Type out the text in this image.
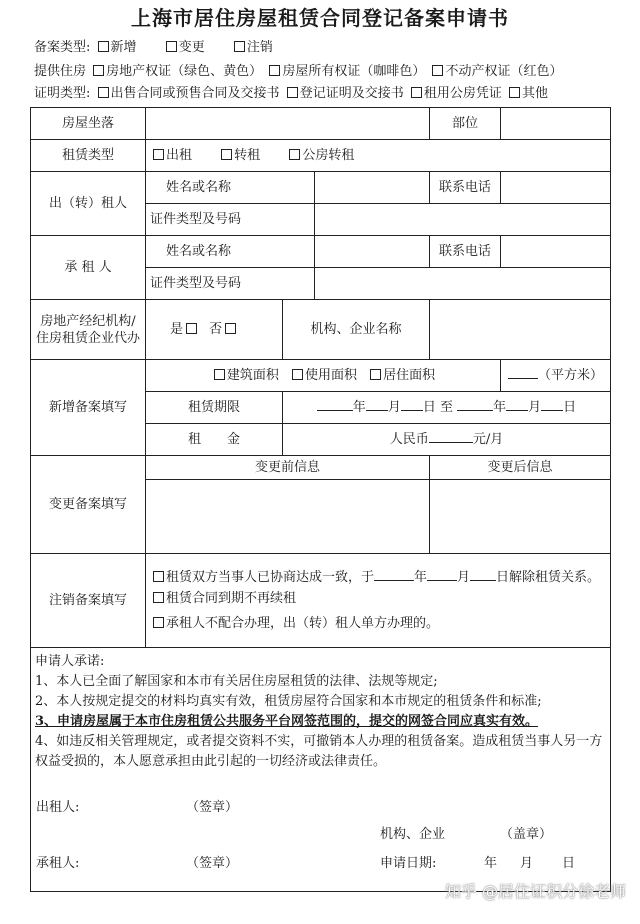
上海市居住房屋租赁合同登记备案申请书
备案类型: 新增	变更	注销
提供住房 房地产权证（绿色、黄色） 房屋所有权证（咖啡色） 不动产权证（红色）
证明类型: 出售合同或预售合同及交接书 登记证明及交接书 租用公房凭证 其他
房屋坐落				部位	
租赁类型	出租 转租 公房转租				
出（转）租人	姓名或名称			联系电话	
	证件类型及号码				
承 租 人	姓名或名称			联系电话	
	证件类型及号码				
房地产经纪机构/住房租赁企业代办	是 否	机构、企业名称			
新增备案填写	建筑面积 使用面积 居住面积				（平方米）
	租赁期限	年 月 日 至 年 月 日			
	租　　金	人民币 元/月			
变更备案填写	变更前信息			变更后信息	

注销备案填写	租赁双方当事人已协商达成一致，于 年 月 日解除租赁关系。
租赁合同到期不再续租
承租人不配合办理，出（转）租人单方办理的。				

申请人承诺:

1、本人已全面了解国家和本市有关居住房屋租赁的法律、法规等规定;

2、本人按规定提交的材料均真实有效，租赁房屋符合国家和本市规定的租赁条件和标准;

3、申请房屋属于本市住房租赁公共服务平台网签范围的，提交的网签合同应真实有效。

4、如违反相关管理规定，或者提交资料不实，可撤销本人办理的租赁备案。造成租赁当事人另一方权益受损的，本人愿意承担由此引起的一切经济或法律责任。					

出租人:	（签章）
机构、企业	（盖章）
承租人:	（签章）	申请日期:	年 月 日
知乎 @居住证积分徐老师
